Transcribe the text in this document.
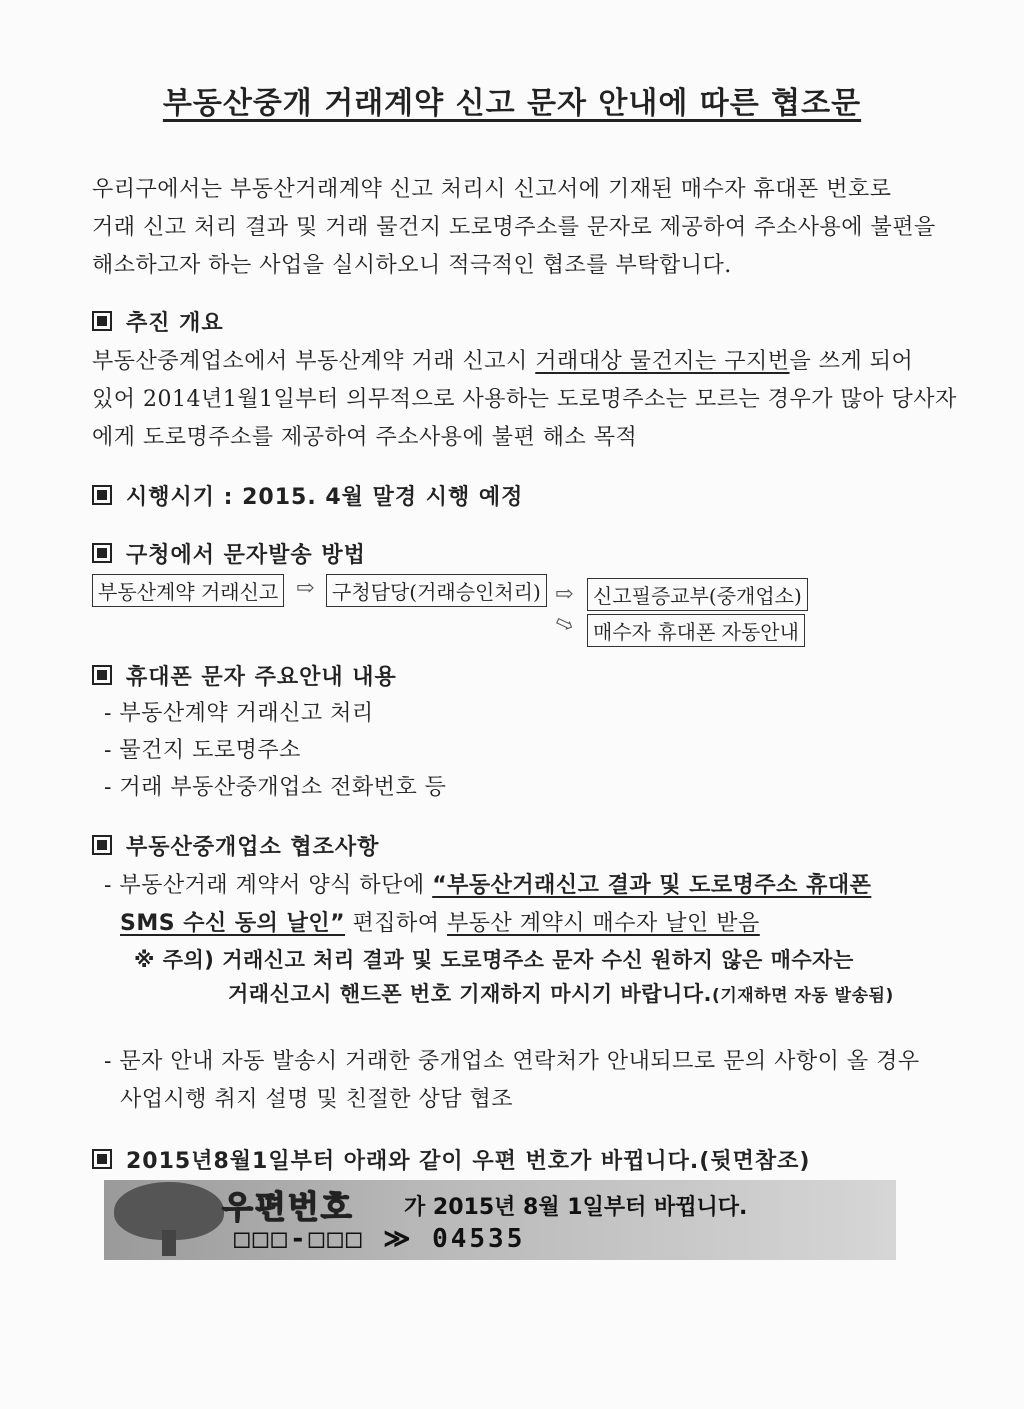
부동산중개 거래계약 신고 문자 안내에 따른 협조문
우리구에서는 부동산거래계약 신고 처리시 신고서에 기재된 매수자 휴대폰 번호로
거래 신고 처리 결과 및 거래 물건지 도로명주소를 문자로 제공하여 주소사용에 불편을
해소하고자 하는 사업을 실시하오니 적극적인 협조를 부탁합니다.
추진 개요
부동산중계업소에서 부동산계약 거래 신고시 거래대상 물건지는 구지번을 쓰게 되어
있어 2014년1월1일부터 의무적으로 사용하는 도로명주소는 모르는 경우가 많아 당사자
에게 도로명주소를 제공하여 주소사용에 불편 해소 목적
시행시기 : 2015. 4월 말경 시행 예정
구청에서 문자발송 방법
부동산계약 거래신고 ⇨ 구청담당(거래승인처리) ⇨ 신고필증교부(중개업소)
⇨ 매수자 휴대폰 자동안내
휴대폰 문자 주요안내 내용
- 부동산계약 거래신고 처리
- 물건지 도로명주소
- 거래 부동산중개업소 전화번호 등
부동산중개업소 협조사항
- 부동산거래 계약서 양식 하단에 “부동산거래신고 결과 및 도로명주소 휴대폰
SMS 수신 동의 날인” 편집하여 부동산 계약시 매수자 날인 받음
※ 주의) 거래신고 처리 결과 및 도로명주소 문자 수신 원하지 않은 매수자는
거래신고시 핸드폰 번호 기재하지 마시기 바랍니다.(기재하면 자동 발송됨)
- 문자 안내 자동 발송시 거래한 중개업소 연락처가 안내되므로 문의 사항이 올 경우
사업시행 취지 설명 및 친절한 상담 협조
2015년8월1일부터 아래와 같이 우편 번호가 바뀝니다.(뒷면참조)
우편번호 가 2015년 8월 1일부터 바뀝니다.
□□□-□□□ ≫ 04535
